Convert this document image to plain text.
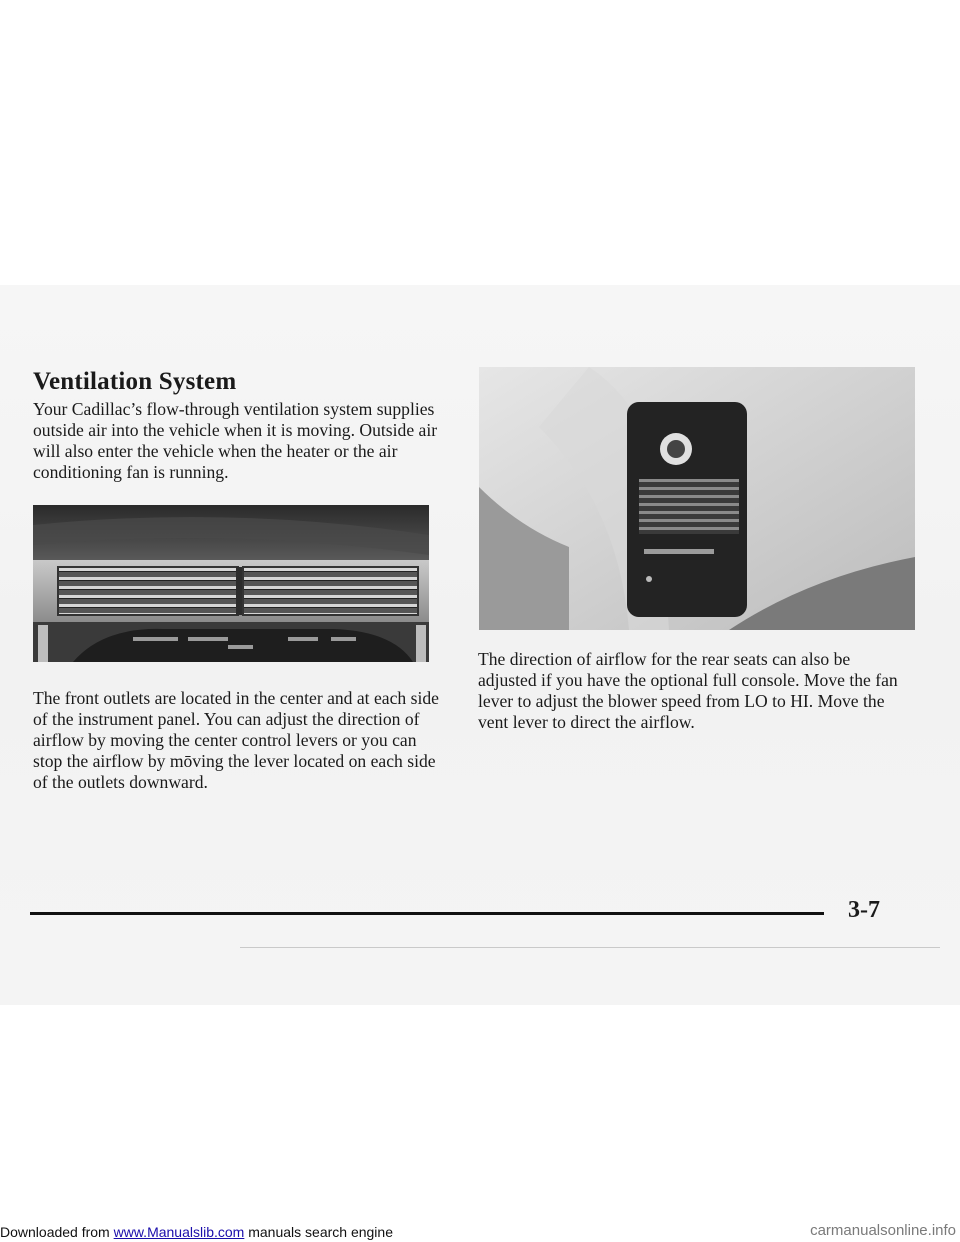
Ventilation System

Your Cadillac’s flow-through ventilation system supplies outside air into the vehicle when it is moving. Outside air will also enter the vehicle when the heater or the air conditioning fan is running.

The front outlets are located in the center and at each side of the instrument panel. You can adjust the direction of airflow by moving the center control levers or you can stop the airflow by mōving the lever located on each side of the outlets downward.

The direction of airflow for the rear seats can also be adjusted if you have the optional full console. Move the fan lever to adjust the blower speed from LO to HI. Move the vent lever to direct the airflow.

3-7
Downloaded from www.Manualslib.com manuals search engine	carmanualsonline.info
